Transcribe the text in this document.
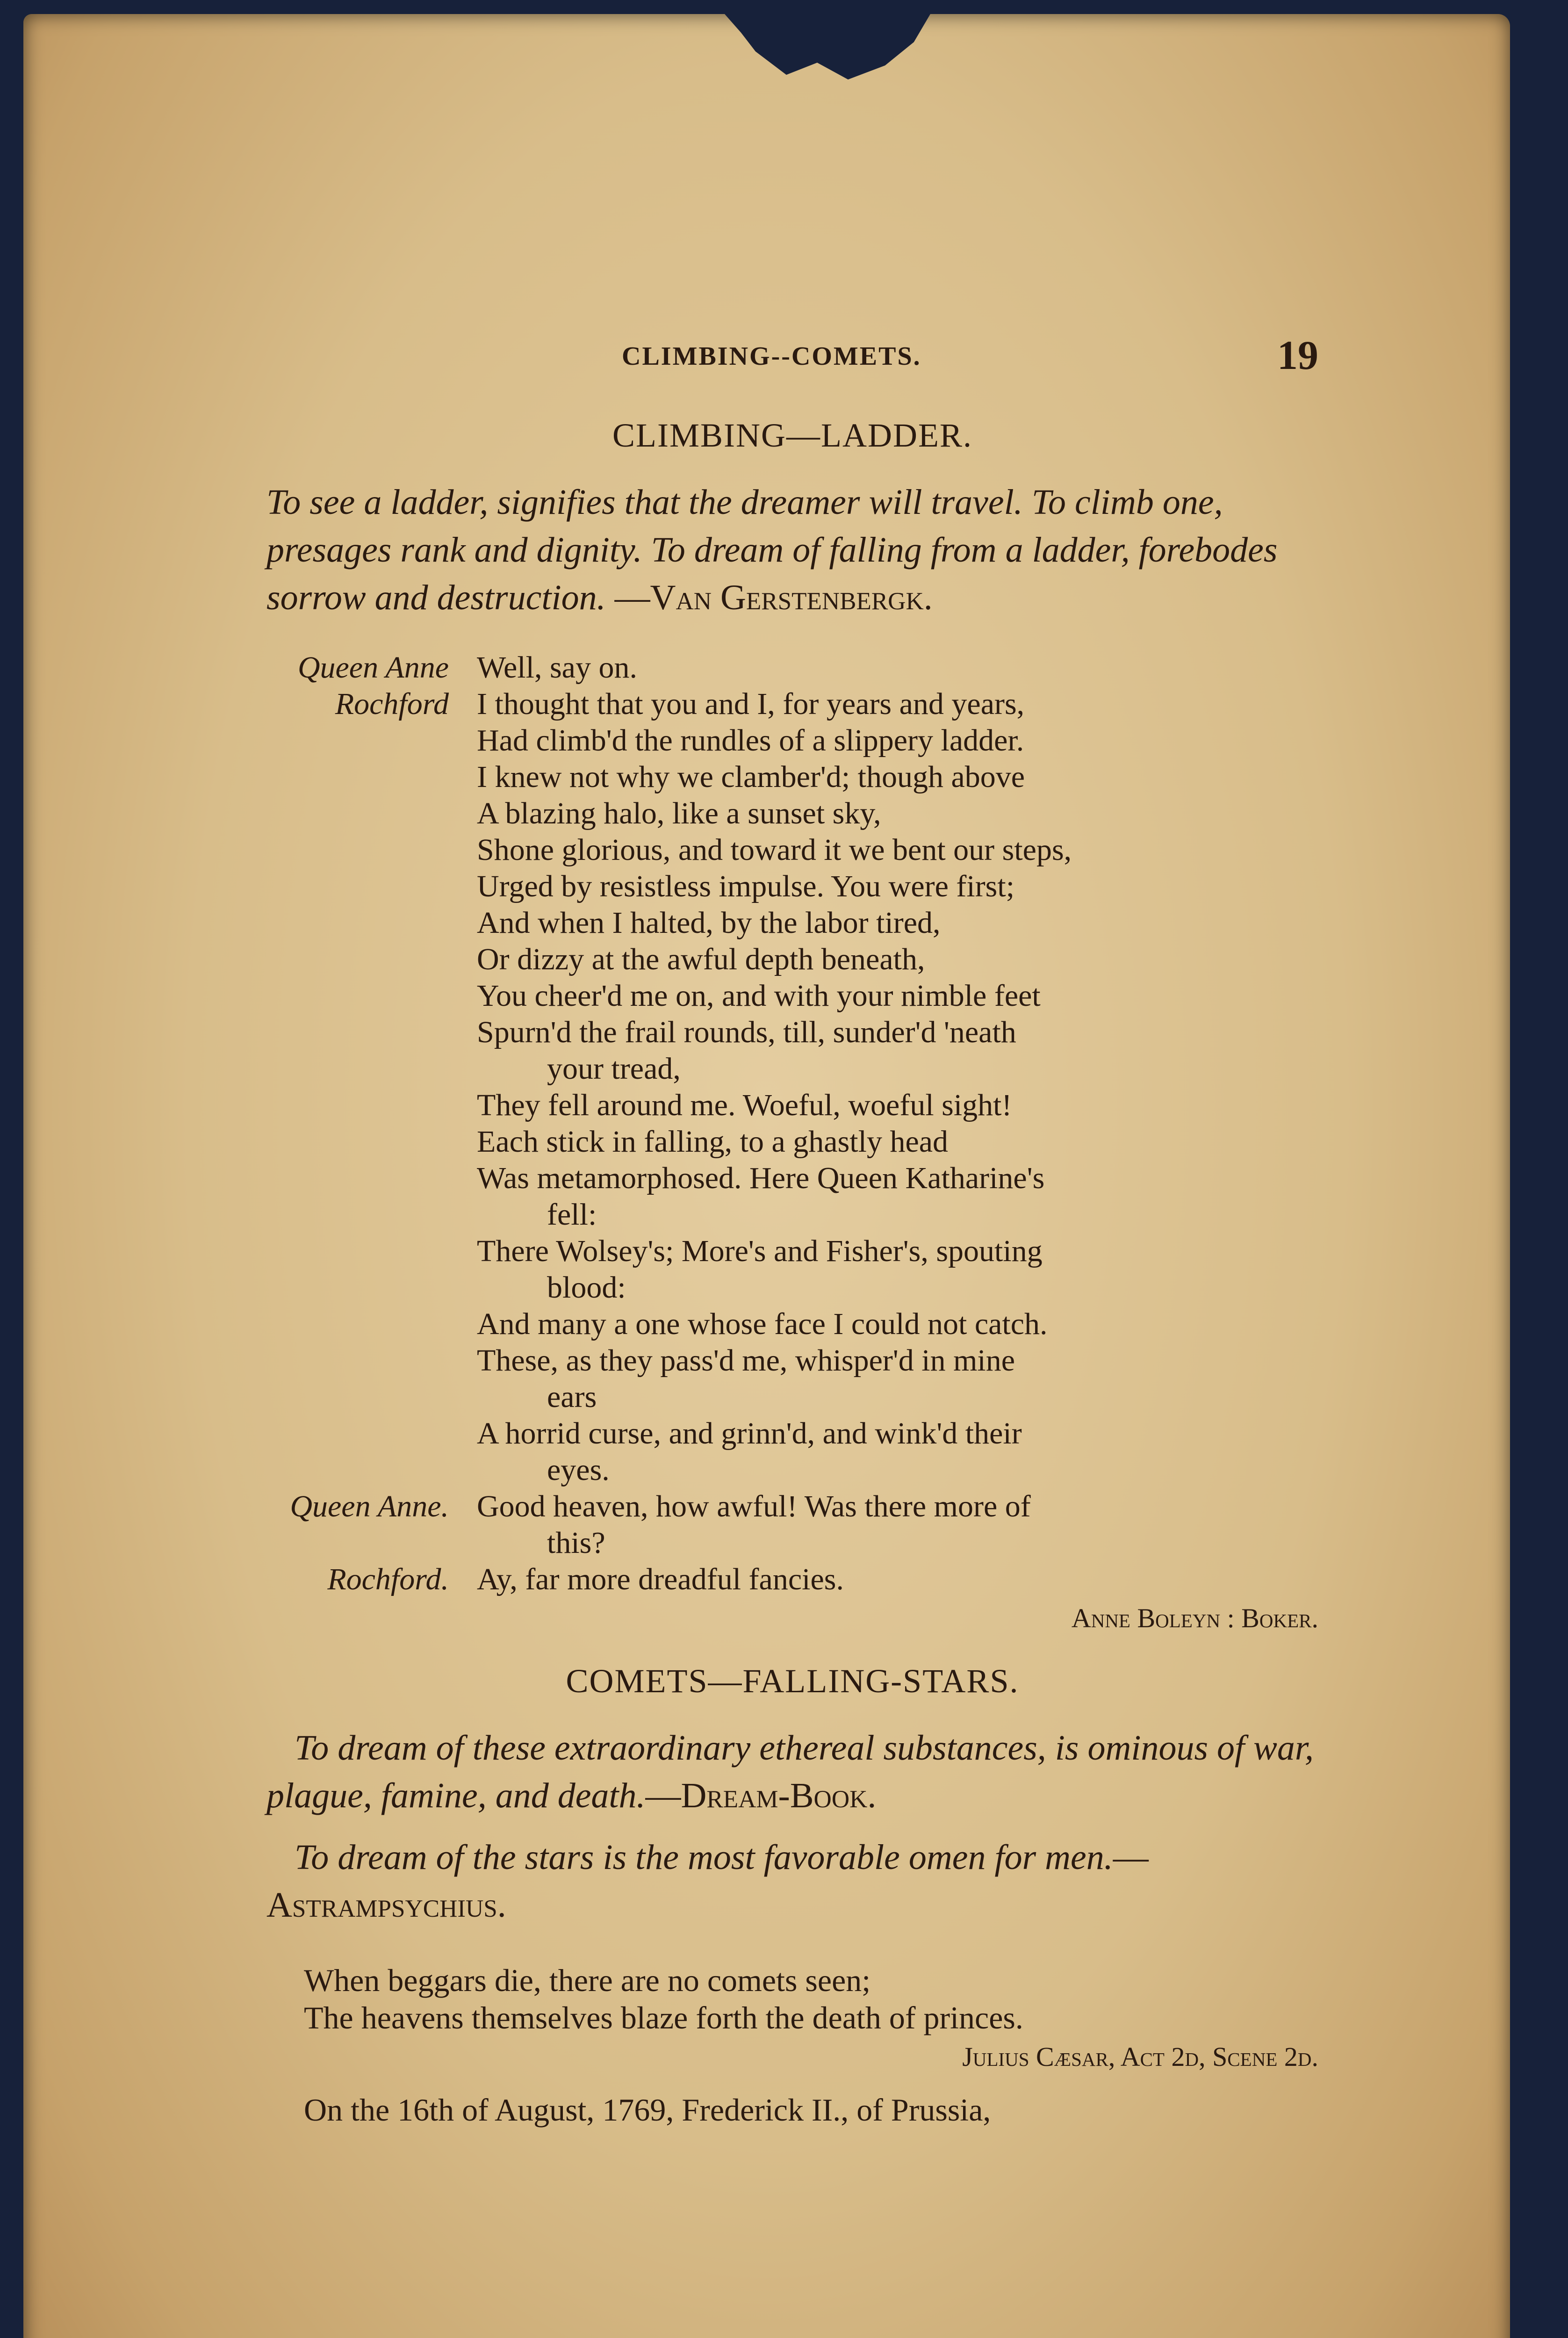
CLIMBING--COMETS.	19
CLIMBING—LADDER.

To see a ladder, signifies that the dreamer will travel. To climb one, presages rank and dignity. To dream of falling from a ladder, forebodes sorrow and destruction. —Van Gerstenbergk.

Queen Anne Well, say on.
Rochford I thought that you and I, for years and years,
Had climb'd the rundles of a slippery ladder.
I knew not why we clamber'd; though above
A blazing halo, like a sunset sky,
Shone glorious, and toward it we bent our steps,
Urged by resistless impulse. You were first;
And when I halted, by the labor tired,
Or dizzy at the awful depth beneath,
You cheer'd me on, and with your nimble feet
Spurn'd the frail rounds, till, sunder'd 'neath
your tread,
They fell around me. Woeful, woeful sight!
Each stick in falling, to a ghastly head
Was metamorphosed. Here Queen Katharine's
fell:
There Wolsey's; More's and Fisher's, spouting
blood:
And many a one whose face I could not catch.
These, as they pass'd me, whisper'd in mine
ears
A horrid curse, and grinn'd, and wink'd their
eyes.
Queen Anne. Good heaven, how awful! Was there more of
this?
Rochford. Ay, far more dreadful fancies.
Anne Boleyn : Boker.
COMETS—FALLING-STARS.

To dream of these extraordinary ethereal substances, is ominous of war, plague, famine, and death.—Dream-Book.

To dream of the stars is the most favorable omen for men.—Astrampsychius.

When beggars die, there are no comets seen;
The heavens themselves blaze forth the death of princes.
Julius Cæsar, Act 2d, Scene 2d.
On the 16th of August, 1769, Frederick II., of Prussia,
